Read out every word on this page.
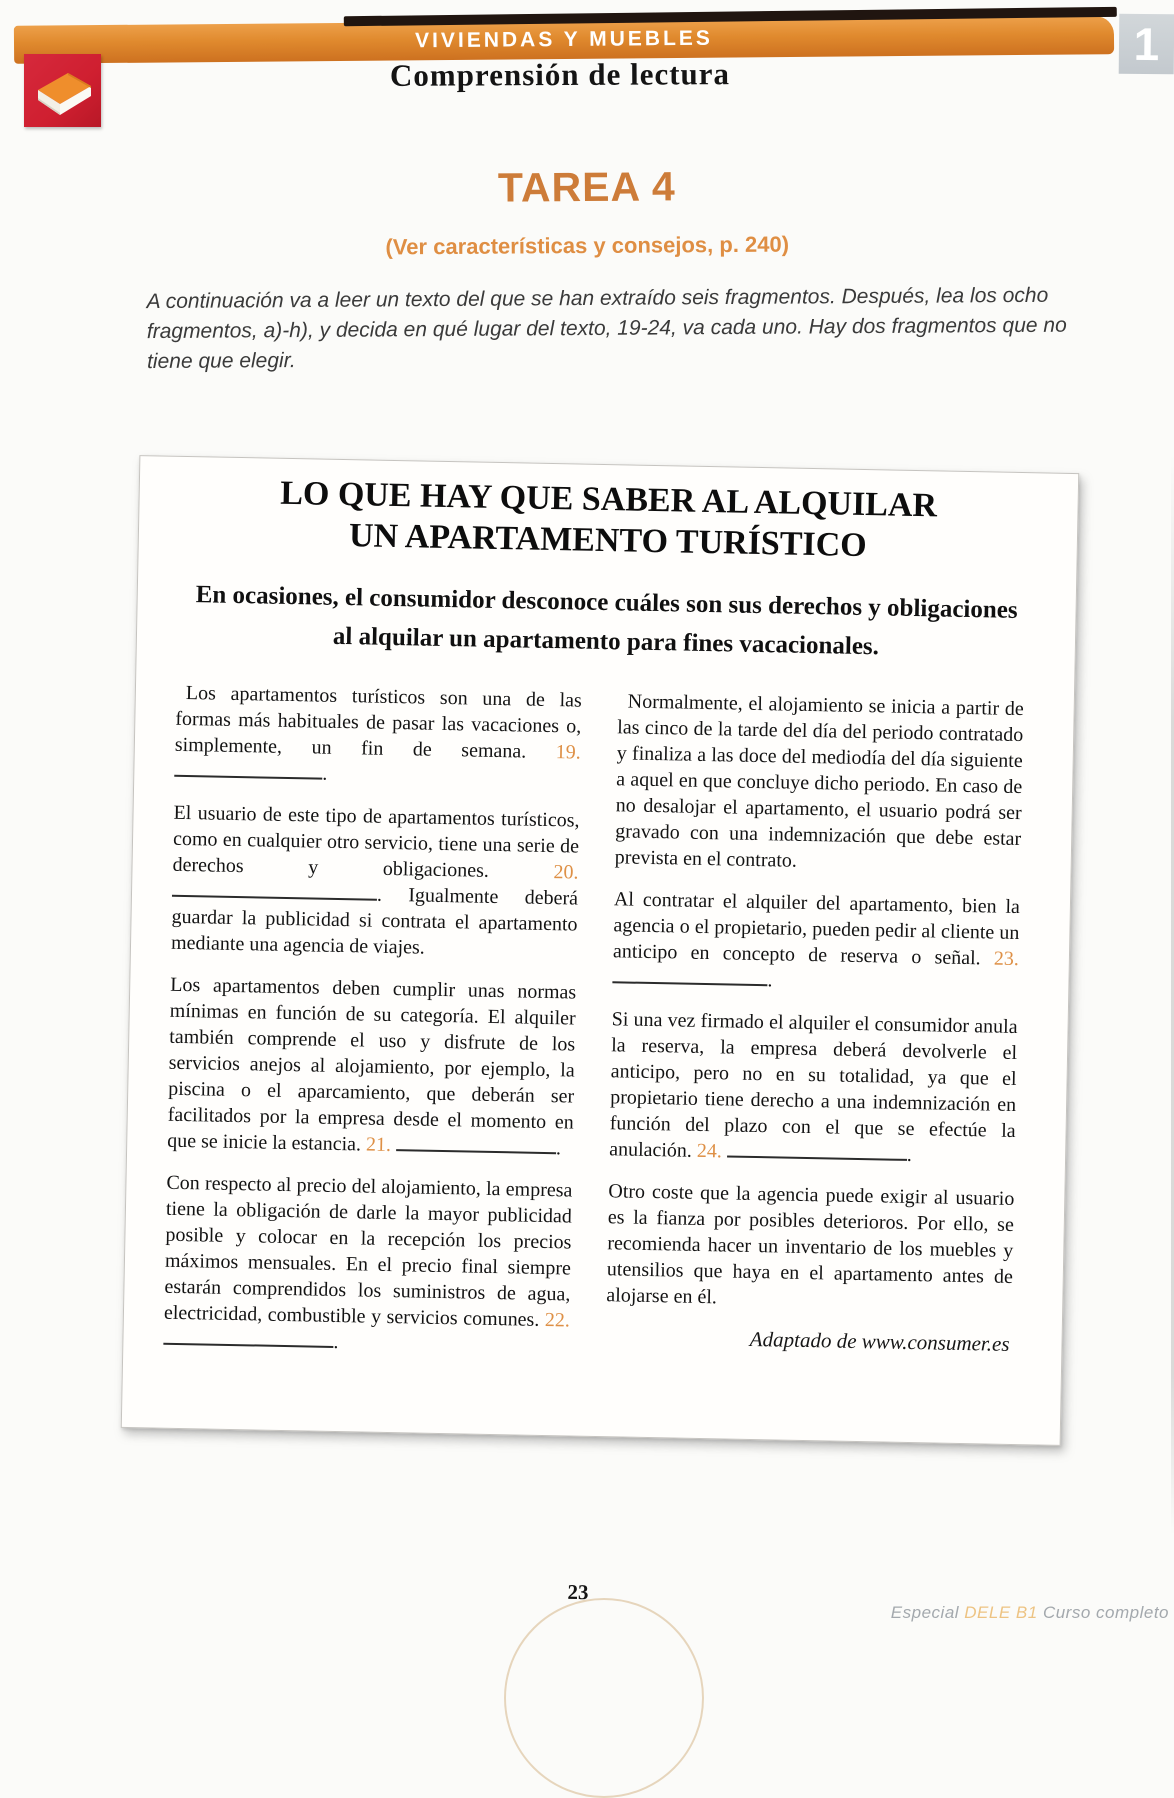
VIVIENDAS Y MUEBLES
Comprensión de lectura
1
TAREA 4
(Ver características y consejos, p. 240)
A continuación va a leer un texto del que se han extraído seis fragmentos. Después, lea los ocho fragmentos, a)-h), y decida en qué lugar del texto, 19-24, va cada uno. Hay dos fragmentos que no tiene que elegir.
LO QUE HAY QUE SABER AL ALQUILAR
UN APARTAMENTO TURÍSTICO
En ocasiones, el consumidor desconoce cuáles son sus derechos y obligaciones al alquilar un apartamento para fines vacacionales.

Los apartamentos turísticos son una de las formas más habituales de pasar las vacaciones o, simplemente, un fin de semana. 19. .

El usuario de este tipo de apartamentos turísticos, como en cualquier otro servicio, tiene una serie de derechos y obligaciones.	20. . Igualmente deberá guardar la publicidad si contrata el apartamento mediante una agencia de viajes.

Los apartamentos deben cumplir unas normas mínimas en función de su categoría. El alquiler también comprende el uso y disfrute de los servicios anejos al alojamiento, por ejemplo, la piscina o el aparcamiento, que deberán ser facilitados por la empresa desde el momento en que se inicie la estancia. 21.	.

Con respecto al precio del alojamiento, la empresa tiene la obligación de darle la mayor publicidad posible y colocar en la recepción los precios máximos mensuales. En el precio final siempre estarán comprendidos los suministros de agua, electricidad, combustible y servicios comunes. 22. .

Normalmente, el alojamiento se inicia a partir de las cinco de la tarde del día del periodo contratado y finaliza a las doce del mediodía del día siguiente a aquel en que concluye dicho periodo. En caso de no desalojar el apartamento, el usuario podrá ser gravado con una indemnización que debe estar prevista en el contrato.

Al contratar el alquiler del apartamento, bien la agencia o el propietario, pueden pedir al cliente un anticipo en concepto de reserva o señal. 23. .

Si una vez firmado el alquiler el consumidor anula la reserva, la empresa deberá devolverle el anticipo, pero no en su totalidad, ya que el propietario tiene derecho a una indemnización en función del plazo con el que se efectúe la anulación. 24.	.

Otro coste que la agencia puede exigir al usuario es la fianza por posibles deterioros. Por ello, se recomienda hacer un inventario de los muebles y utensilios que haya en el apartamento antes de alojarse en él.

Adaptado de www.consumer.es
23
Especial DELE B1 Curso completo
